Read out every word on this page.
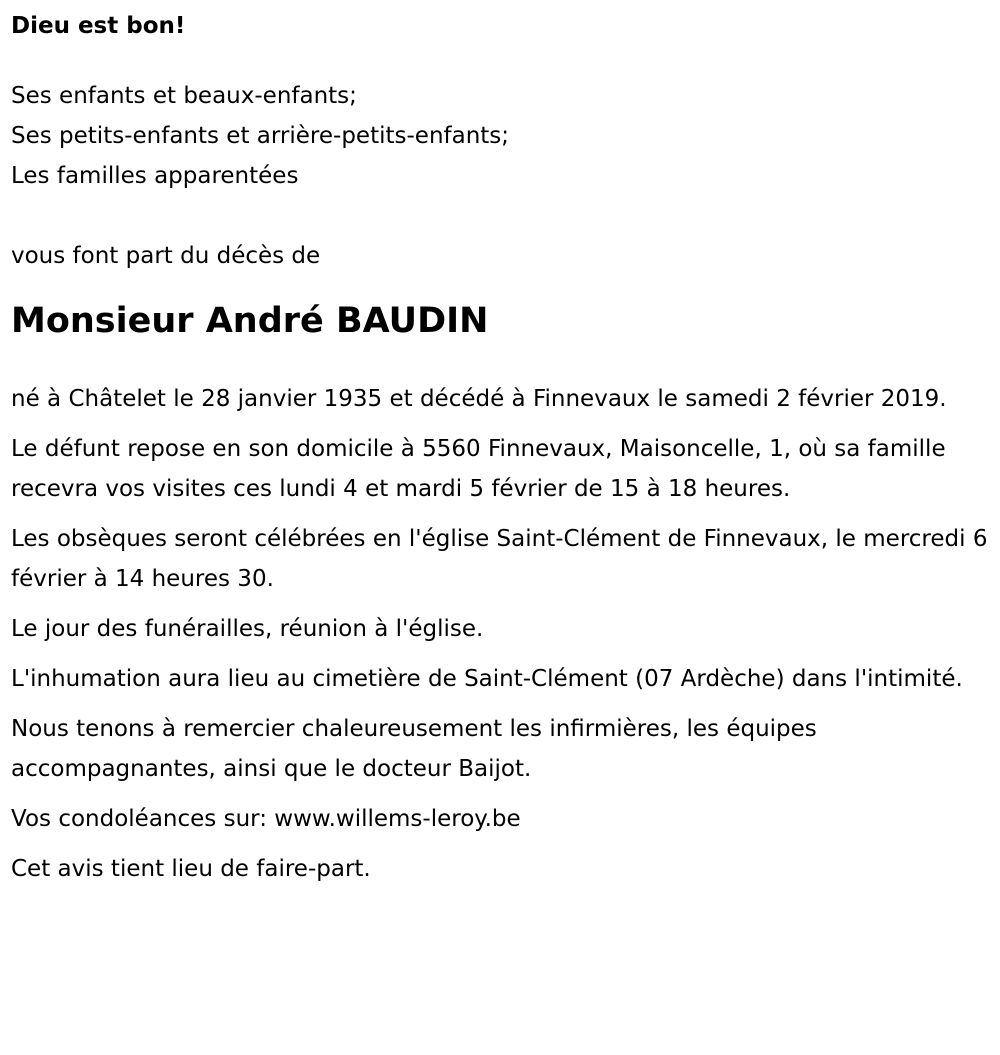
Dieu est bon!

Ses enfants et beaux-enfants;

Ses petits-enfants et arrière-petits-enfants;

Les familles apparentées

vous font part du décès de

Monsieur André BAUDIN

né à Châtelet le 28 janvier 1935 et décédé à Finnevaux le samedi 2 février 2019.

Le défunt repose en son domicile à 5560 Finnevaux, Maisoncelle, 1, où sa famille recevra vos visites ces lundi 4 et mardi 5 février de 15 à 18 heures.

Les obsèques seront célébrées en l'église Saint-Clément de Finnevaux, le mercredi 6 février à 14 heures 30.

Le jour des funérailles, réunion à l'église.

L'inhumation aura lieu au cimetière de Saint-Clément (07 Ardèche) dans l'intimité.

Nous tenons à remercier chaleureusement les infirmières, les équipes accompagnantes, ainsi que le docteur Baijot.

Vos condoléances sur: www.willems-leroy.be

Cet avis tient lieu de faire-part.
